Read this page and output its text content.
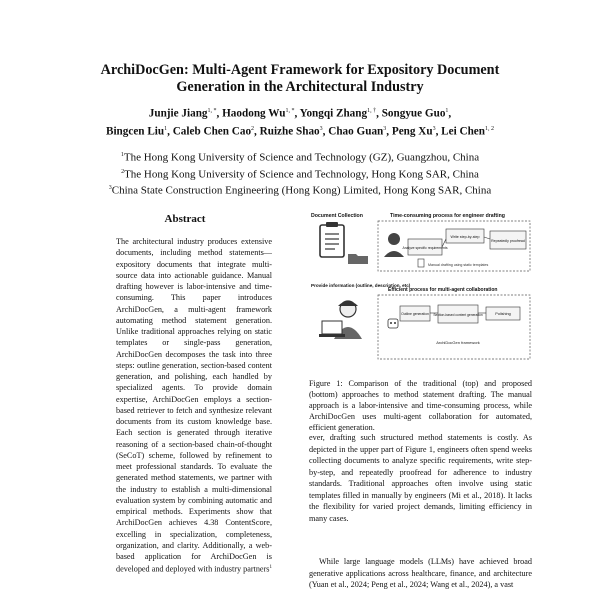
ArchiDocGen: Multi-Agent Framework for Expository Document
Generation in the Architectural Industry
Junjie Jiang$^{1, *}$, Haodong $Wu^{1, *}$, Yongqi Zhang$^{1, \dagger}$, Songyue Guo$^1$,
Bingcen Liu$^1$, Caleb Chen Cao$^2$, Ruizhe Shao$^3$, Chao Guan$^3$, Peng Xu$^3$, Lei Chen$^{1, 2}$
$^1$The Hong Kong University of Science and Technology (GZ), Guangzhou, China
$^2$The Hong Kong University of Science and Technology, Hong Kong SAR, China
$^3$China State Construction Engineering (Hong Kong) Limited, Hong Kong SAR, China
Abstract
The architectural industry produces extensive documents, including method statements—expository documents that integrate multi-source data into actionable guidance. Manual drafting however is labor-intensive and time-consuming. This paper introduces ArchiDocGen, a multi-agent framework automating method statement generation. Unlike traditional approaches relying on static templates or single-pass generation, ArchiDocGen decomposes the task into three steps: outline generation, section-based content generation, and polishing, each handled by specialized agents. To provide domain expertise, ArchiDocGen employs a section-based retriever to fetch and synthesize relevant documents from its custom knowledge base. Each section is generated through iterative reasoning of a section-based chain-of-thought (SeCoT) scheme, followed by refinement to meet professional standards. To evaluate the generated method statements, we partner with the industry to establish a multi-dimensional evaluation system by combining automatic and empirical methods. Experiments show that ArchiDocGen achieves 4.38 ContentScore, excelling in specialization, completeness, organization, and clarity. Additionally, a web-based application for ArchiDocGen is developed and deployed with industry partners$^1$
Document Collection	Time-consuming process for engineer drafting
Analyze specific requirements
Write step-by-step
Repeatedly proofread
Manual drafting using static templates
Provide information (outline, description, etc)
Efficient process for multi-agent collaboration
Outline generation Section-based content generation	Polishing
ArchiDocGen framework
Figure 1: Comparison of the traditional (top) and proposed (bottom) approaches to method statement drafting. The manual approach is a labor-intensive and time-consuming process, while ArchiDocGen uses multi-agent collaboration for automated, efficient generation.
ever, drafting such structured method statements is costly. As depicted in the upper part of Figure 1, engineers often spend weeks collecting documents to analyze specific requirements, write step-by-step, and repeatedly proofread for adherence to industry standards. Traditional approaches often involve using static templates filled in manually by engineers (Mi et al., 2018). It lacks the flexibility for varied project demands, limiting efficiency in many cases.
While large language models (LLMs) have achieved broad generative applications across healthcare, finance, and architecture (Yuan et al., 2024; Peng et al., 2024; Wang et al., 2024), a vast
